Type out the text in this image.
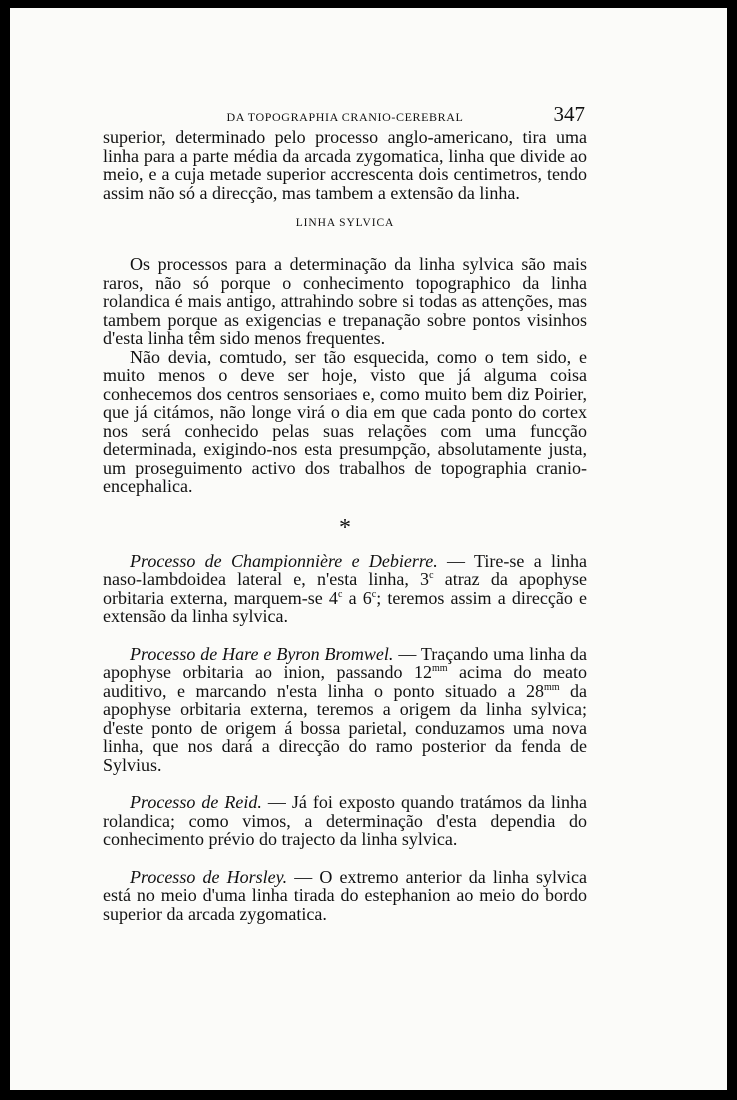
DA TOPOGRAPHIA CRANIO-CEREBRAL	347

superior, determinado pelo processo anglo-americano, tira uma linha para a parte média da arcada zygomatica, linha que divide ao meio, e a cuja metade superior accrescenta dois centimetros, tendo assim não só a direcção, mas tambem a extensão da linha.

LINHA SYLVICA

Os processos para a determinação da linha sylvica são mais raros, não só porque o conhecimento topographico da linha rolandica é mais antigo, attrahindo sobre si todas as attenções, mas tambem porque as exigencias e trepanação sobre pontos visinhos d'esta linha têm sido menos frequentes.

Não devia, comtudo, ser tão esquecida, como o tem sido, e muito menos o deve ser hoje, visto que já alguma coisa conhecemos dos centros sensoriaes e, como muito bem diz Poirier, que já citámos, não longe virá o dia em que cada ponto do cortex nos será conhecido pelas suas relações com uma funcção determinada, exigindo-nos esta presumpção, absolutamente justa, um proseguimento activo dos trabalhos de topographia cranio-encephalica.

*

Processo de Championnière e Debierre. — Tire-se a linha naso-lambdoidea lateral e, n'esta linha, 3$^c$ atraz da apophyse orbitaria externa, marquem-se 4$^c$ a 6$^c$; teremos assim a direcção e extensão da linha sylvica.

Processo de Hare e Byron Bromwel. — Traçando uma linha da apophyse orbitaria ao inion, passando $12^{mm}$ acima do meato auditivo, e marcando n'esta linha o ponto situado a $28^{mm}$ da apophyse orbitaria externa, teremos a origem da linha sylvica; d'este ponto de origem á bossa parietal, conduzamos uma nova linha, que nos dará a direcção do ramo posterior da fenda de Sylvius.

Processo de Reid. — Já foi exposto quando tratámos da linha rolandica; como vimos, a determinação d'esta dependia do conhecimento prévio do trajecto da linha sylvica.

Processo de Horsley. — O extremo anterior da linha sylvica está no meio d'uma linha tirada do estephanion ao meio do bordo superior da arcada zygomatica.
